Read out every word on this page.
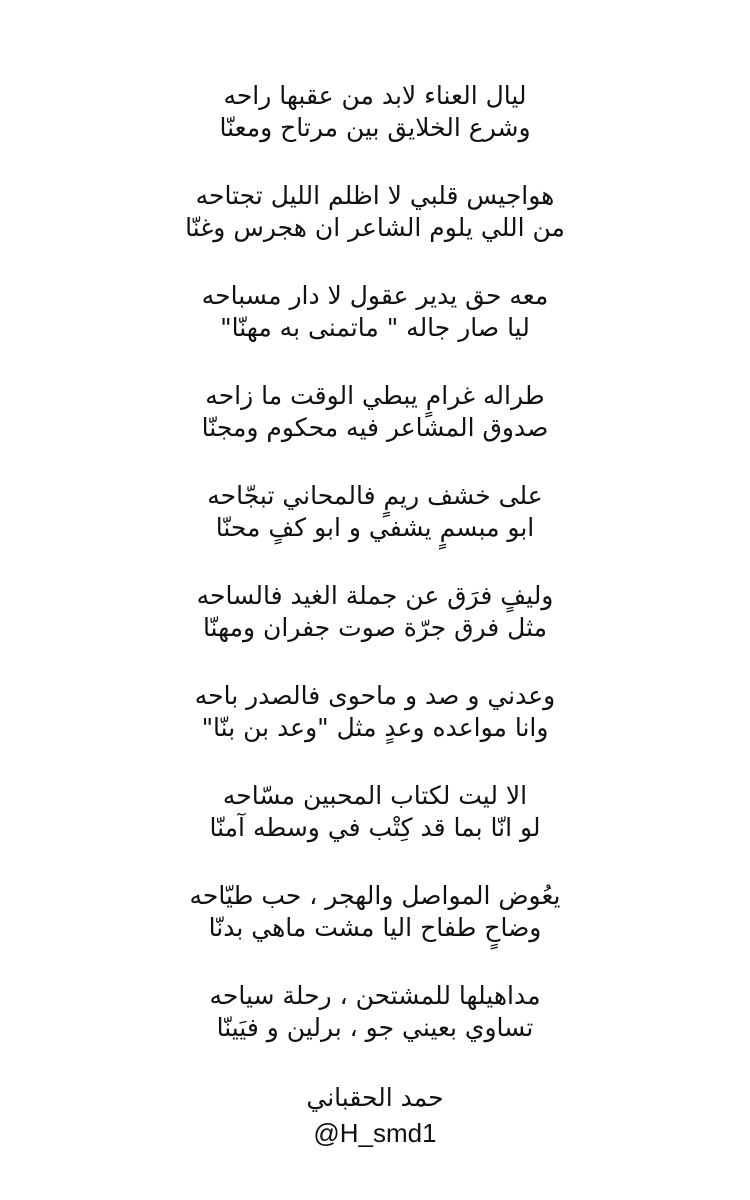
ليال العناء لابد من عقبها راحه
وشرع الخلايق بين مرتاح ومعنّا
هواجيس قلبي لا اظلم الليل تجتاحه
من اللي يلوم الشاعر ان هجرس وغنّا
معه حق يدير عقول لا دار مسباحه
ليا صار جاله " ماتمنى به مهنّا"
طراله غرامٍ يبطي الوقت ما زاحه
صدوق المشاعر فيه محكوم ومجنّا
على خشف ريمٍ فالمحاني تبجّاحه
ابو مبسمٍ يشفي و ابو كفٍ محنّا
وليفٍ فرَق عن جملة الغيد فالساحه
مثل فرق جرّة صوت جفران ومهنّا
وعدني و صد و ماحوى فالصدر باحه
وانا مواعده وعدٍ مثل "وعد بن بنّا"
الا ليت لكتاب المحبين مسّاحه
لو انّا بما قد كِتْب في وسطه آمنّا
يعُوض المواصل والهجر ، حب طيّاحه
وضاحٍ طفاح اليا مشت ماهي بدنّا
مداهيلها للمشتحن ، رحلة سياحه
تساوي بعيني جو ، برلين و فيَينّا
حمد الحقباني
@H_smd1
